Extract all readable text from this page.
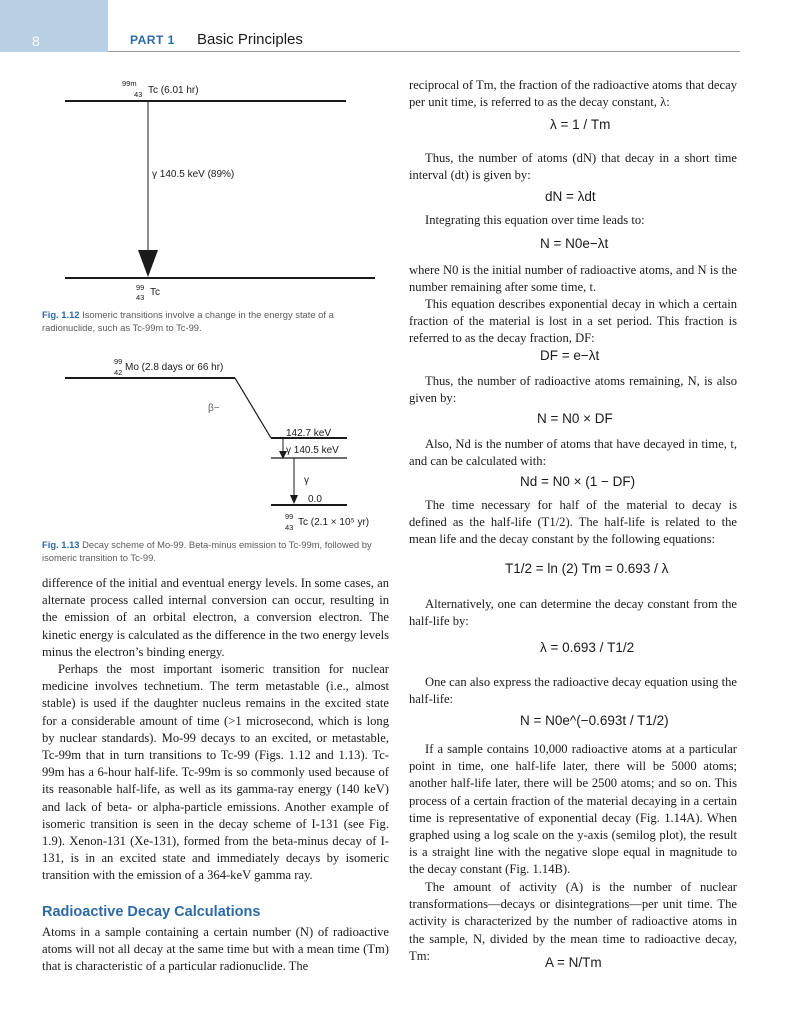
8	PART 1 Basic Principles
99m
43 Tc (6.01 hr)
γ 140.5 keV (89%)
99
43 Tc
Fig. 1.12 Isomeric transitions involve a change in the energy state of a radionuclide, such as Tc-99m to Tc-99.
99
42 Mo (2.8 days or 66 hr)
β−
142.7 keV
γ 140.5 keV
γ
0.0
99
43 Tc (2.1 × 10⁵ yr)
Fig. 1.13 Decay scheme of Mo-99. Beta-minus emission to Tc-99m, followed by isomeric transition to Tc-99.
difference of the initial and eventual energy levels. In some cases, an alternate process called internal conversion can occur, resulting in the emission of an orbital electron, a conversion electron. The kinetic energy is calculated as the difference in the two energy levels minus the electron’s binding energy.
Perhaps the most important isomeric transition for nuclear medicine involves technetium. The term metastable (i.e., almost stable) is used if the daughter nucleus remains in the excited state for a considerable amount of time (>1 microsecond, which is long by nuclear standards). Mo-99 decays to an excited, or metastable, Tc-99m that in turn transitions to Tc-99 (Figs. 1.12 and 1.13). Tc-99m has a 6-hour half-life. Tc-99m is so commonly used because of its reasonable half-life, as well as its gamma-ray energy (140 keV) and lack of beta- or alpha-particle emissions. Another example of isomeric transition is seen in the decay scheme of I-131 (see Fig. 1.9). Xenon-131 (Xe-131), formed from the beta-minus decay of I-131, is in an excited state and immediately decays by isomeric transition with the emission of a 364-keV gamma ray.
Radioactive Decay Calculations
Atoms in a sample containing a certain number (N) of radioactive atoms will not all decay at the same time but with a mean time (Tm) that is characteristic of a particular radionuclide. The
reciprocal of Tm, the fraction of the radioactive atoms that decay per unit time, is referred to as the decay constant, λ:
λ = 1 / Tm
Thus, the number of atoms (dN) that decay in a short time interval (dt) is given by:
dN = λdt
Integrating this equation over time leads to:
N = N0e−λt
where N0 is the initial number of radioactive atoms, and N is the number remaining after some time, t.
This equation describes exponential decay in which a certain fraction of the material is lost in a set period. This fraction is referred to as the decay fraction, DF:
DF = e−λt
Thus, the number of radioactive atoms remaining, N, is also given by:
N = N0 × DF
Also, Nd is the number of atoms that have decayed in time, t, and can be calculated with:
Nd = N0 × (1 − DF)
The time necessary for half of the material to decay is defined as the half-life (T1/2). The half-life is related to the mean life and the decay constant by the following equations:
T1/2 = ln (2) Tm = 0.693 / λ
Alternatively, one can determine the decay constant from the half-life by:
λ = 0.693 / T1/2
One can also express the radioactive decay equation using the half-life:
N = N0e^(−0.693t / T1/2)
If a sample contains 10,000 radioactive atoms at a particular point in time, one half-life later, there will be 5000 atoms; another half-life later, there will be 2500 atoms; and so on. This process of a certain fraction of the material decaying in a certain time is representative of exponential decay (Fig. 1.14A). When graphed using a log scale on the y-axis (semilog plot), the result is a straight line with the negative slope equal in magnitude to the decay constant (Fig. 1.14B).
The amount of activity (A) is the number of nuclear transformations—decays or disintegrations—per unit time. The activity is characterized by the number of radioactive atoms in the sample, N, divided by the mean time to radioactive decay, Tm:	A = N/Tm
